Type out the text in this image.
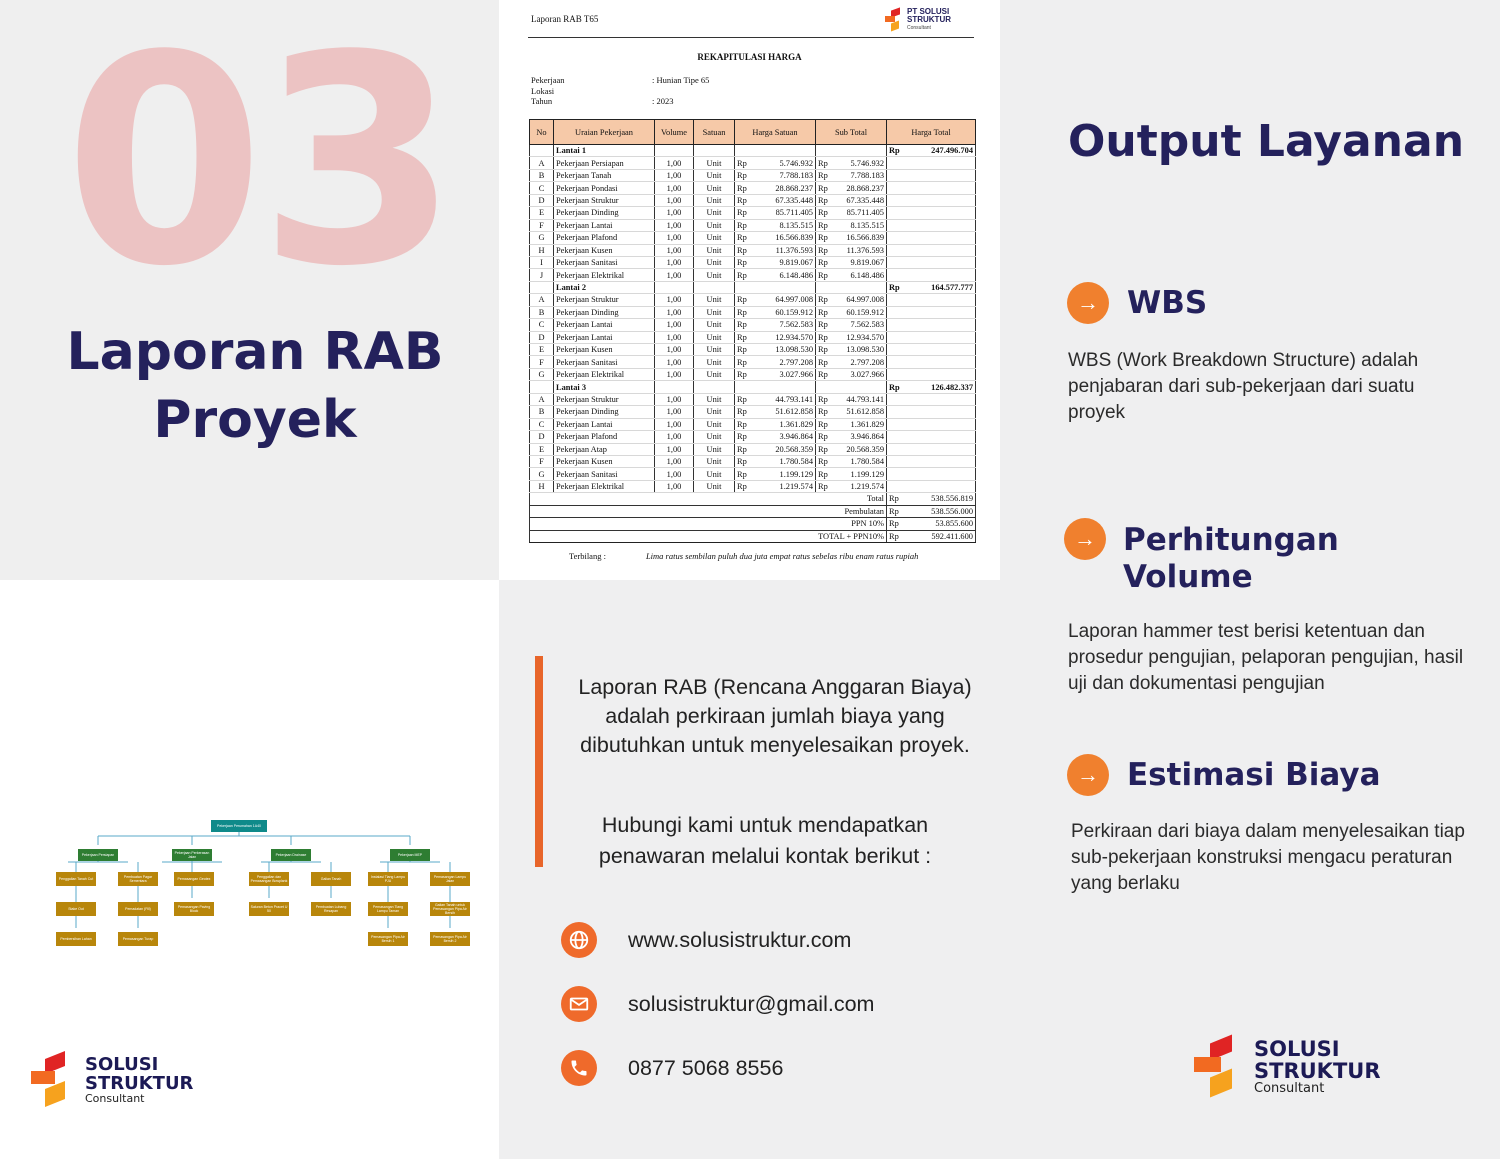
03
Laporan RAB
Proyek
Laporan RAB T65
PT SOLUSI
STRUKTUR
Consultant
REKAPITULASI HARGA
Pekerjaan	: Hunian Tipe 65
Lokasi
Tahun	: 2023
No	Uraian Pekerjaan	Volume	Satuan	Harga Satuan	Sub Total	Harga Total
	Lantai 1					Rp 247.496.704
A	Pekerjaan Persiapan	1,00	Unit	Rp 5.746.932	Rp 5.746.932	
B	Pekerjaan Tanah	1,00	Unit	Rp 7.788.183	Rp 7.788.183	
C	Pekerjaan Pondasi	1,00	Unit	Rp 28.868.237	Rp 28.868.237	
D	Pekerjaan Struktur	1,00	Unit	Rp 67.335.448	Rp 67.335.448	
E	Pekerjaan Dinding	1,00	Unit	Rp 85.711.405	Rp 85.711.405	
F	Pekerjaan Lantai	1,00	Unit	Rp 8.135.515	Rp 8.135.515	
G	Pekerjaan Plafond	1,00	Unit	Rp 16.566.839	Rp 16.566.839	
H	Pekerjaan Kusen	1,00	Unit	Rp 11.376.593	Rp 11.376.593	
I	Pekerjaan Sanitasi	1,00	Unit	Rp 9.819.067	Rp 9.819.067	
J	Pekerjaan Elektrikal	1,00	Unit	Rp 6.148.486	Rp 6.148.486	
	Lantai 2					Rp 164.577.777
A	Pekerjaan Struktur	1,00	Unit	Rp 64.997.008	Rp 64.997.008	
B	Pekerjaan Dinding	1,00	Unit	Rp 60.159.912	Rp 60.159.912	
C	Pekerjaan Lantai	1,00	Unit	Rp 7.562.583	Rp 7.562.583	
D	Pekerjaan Lantai	1,00	Unit	Rp 12.934.570	Rp 12.934.570	
E	Pekerjaan Kusen	1,00	Unit	Rp 13.098.530	Rp 13.098.530	
F	Pekerjaan Sanitasi	1,00	Unit	Rp 2.797.208	Rp 2.797.208	
G	Pekerjaan Elektrikal	1,00	Unit	Rp 3.027.966	Rp 3.027.966	
	Lantai 3					Rp 126.482.337
A	Pekerjaan Struktur	1,00	Unit	Rp 44.793.141	Rp 44.793.141	
B	Pekerjaan Dinding	1,00	Unit	Rp 51.612.858	Rp 51.612.858	
C	Pekerjaan Lantai	1,00	Unit	Rp 1.361.829	Rp 1.361.829	
D	Pekerjaan Plafond	1,00	Unit	Rp 3.946.864	Rp 3.946.864	
E	Pekerjaan Atap	1,00	Unit	Rp 20.568.359	Rp 20.568.359	
F	Pekerjaan Kusen	1,00	Unit	Rp 1.780.584	Rp 1.780.584	
G	Pekerjaan Sanitasi	1,00	Unit	Rp 1.199.129	Rp 1.199.129	
H	Pekerjaan Elektrikal	1,00	Unit	Rp 1.219.574	Rp 1.219.574	
Total						Rp 538.556.819
Pembulatan						Rp 538.556.000
PPN 10%						Rp 53.855.600
TOTAL + PPN10%						Rp 592.411.600
Terbilang :	Lima ratus sembilan puluh dua juta empat ratus sebelas ribu enam ratus rupiah
Pekerjaan Perumahan 1A40
Pekerjaan Persiapan
Penggalian Tanah Cut	Pembuatan Pagar Sementara
Stake Out	Pemadatan (Fill)
Pembersihan Lahan	Pemasangan Turap
Pekerjaan Perkerasan Jalan
Pemasangan Geotex
Pemasangan Paving Block
Pekerjaan Drainase
Penggalian dan Pemasangan Bowplank	Galian Tanah
Saluran Beton Pracet U 50
Pembuatan Lubang Resapan
Pekerjaan MEP
Instalasi Tiang Lampu PJU
Pemasangan Lampu Jalan
Pemasangan Tiang Lampu Taman
Galian Tanah untuk Pemasangan Pipa Air Bersih
Pemasangan Pipa Air Bersih 1
Pemasangan Pipa Air Bersih 2
SOLUSI
STRUKTUR
Consultant

Laporan RAB (Rencana Anggaran Biaya) adalah perkiraan jumlah biaya yang dibutuhkan untuk menyelesaikan proyek.

Hubungi kami untuk mendapatkan penawaran melalui kontak berikut :

www.solusistruktur.com
solusistruktur@gmail.com
0877 5068 8556
Output Layanan
→ WBS

WBS (Work Breakdown Structure) adalah penjabaran dari sub-pekerjaan dari suatu proyek

→ Perhitungan Volume

Laporan hammer test berisi ketentuan dan prosedur pengujian, pelaporan pengujian, hasil uji dan dokumentasi pengujian

→ Estimasi Biaya

Perkiraan dari biaya dalam menyelesaikan tiap sub-pekerjaan konstruksi mengacu peraturan yang berlaku

SOLUSI
STRUKTUR
Consultant
